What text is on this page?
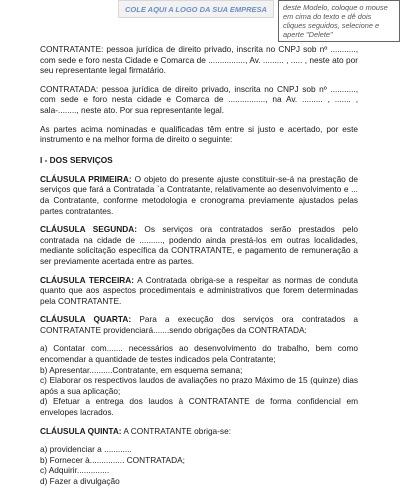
COLE AQUI A LOGO DA SUA EMPRESA	deste Modelo, coloque o mouse em cima do texto e dê dois cliques seguidos, selecione e aperte "Delete"

CONTRATANTE: pessoa jurídica de direito privado, inscrita no CNPJ sob nº ..........., com sede e foro nesta Cidade e Comarca de ................, Av. ......... , ..... , neste ato por seu representante legal firmatário.

CONTRATADA: pessoa jurídica de direito privado, inscrita no CNPJ sob nº ..........., com sede e foro nesta cidade e Comarca de ................, na Av. ......... , ....... , sala-........, neste ato. Por sua representante legal.

As partes acima nominadas e qualificadas têm entre si justo e acertado, por este instrumento e na melhor forma de direito o seguinte:

I - DOS SERVIÇOS

CLÁUSULA PRIMEIRA: O objeto do presente ajuste constituir-se-á na prestação de serviços que fará a Contratada `a Contratante, relativamente ao desenvolvimento e ... da Contratante, conforme metodologia e cronograma previamente ajustados pelas partes contratantes.

CLÁUSULA SEGUNDA: Os serviços ora contratados serão prestados pelo contratada na cidade de .........., podendo ainda prestá-los em outras localidades, mediante solicitação específica da CONTRATANTE, e pagamento de remuneração a ser previamente acertada entre as partes.

CLÁUSULA TERCEIRA: A Contratada obriga-se a respeitar as normas de conduta quanto que aos aspectos procedimentais e administrativos que forem determinadas pela CONTRATANTE.

CLÁUSULA QUARTA: Para a execução dos serviços ora contratados a CONTRATANTE providenciará.......sendo obrigações da CONTRATADA:

a) Contatar com....... necessários ao desenvolvimento do trabalho, bem como encomendar a quantidade de testes indicados pela Contratante;

b) Apresentar..........Contratante, em esquema semana;

c) Elaborar os respectivos laudos de avaliações no prazo Máximo de 15 (quinze) dias após a sua aplicação;

d) Efetuar a entrega dos laudos à CONTRATANTE de forma confidencial em envelopes lacrados.

CLÁUSULA QUINTA: A CONTRATANTE obriga-se:

a) providenciar a ............

b) Fornecer à............... CONTRATADA;

c) Adquirir..............

d) Fazer a divulgação
